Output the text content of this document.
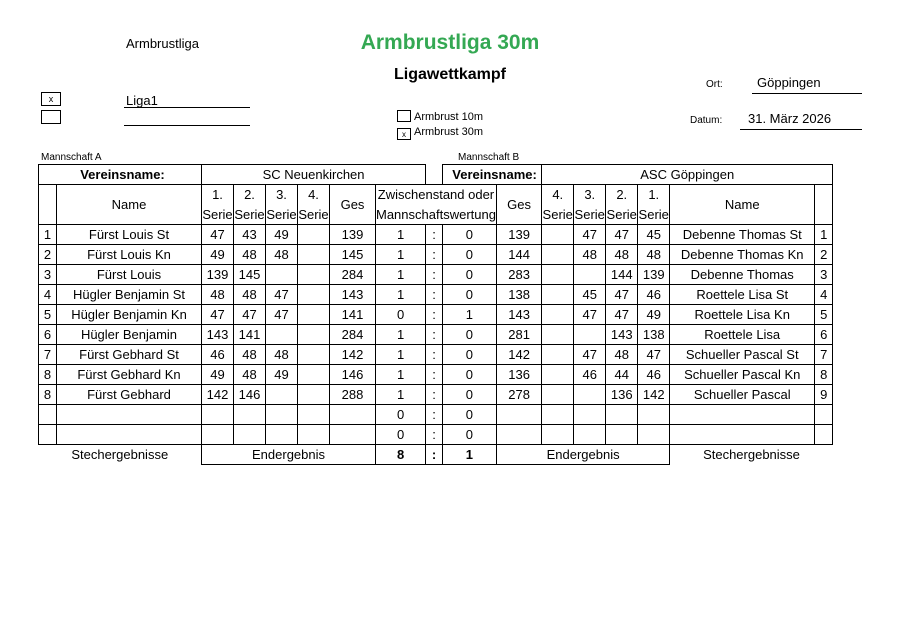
Armbrustliga	Armbrustliga 30m
Ligawettkampf
x	Liga1
Armbrust 10m
x Armbrust 30m
Ort:	Göppingen
Datum: 31. März 2026
Mannschaft A	Mannschaft B
Vereinsname:		SC Neuenkirchen							Vereinsname:		ASC Göppingen					
	Name	1.	2.	3.	4.	Ges	Zwischenstand oder			Ges	4.	3.	2.	1.	Name	
		Serie	Serie	Serie	Serie		Mannschaftswertung				Serie	Serie	Serie	Serie		
1	Fürst Louis St	47	43	49		139	1	:	0	139		47	47	45	Debenne Thomas St	1
2	Fürst Louis Kn	49	48	48		145	1	:	0	144		48	48	48	Debenne Thomas Kn	2
3	Fürst Louis	139	145			284	1	:	0	283			144	139	Debenne Thomas	3
4	Hügler Benjamin St	48	48	47		143	1	:	0	138		45	47	46	Roettele Lisa St	4
5	Hügler Benjamin Kn	47	47	47		141	0	:	1	143		47	47	49	Roettele Lisa Kn	5
6	Hügler Benjamin	143	141			284	1	:	0	281			143	138	Roettele Lisa	6
7	Fürst Gebhard St	46	48	48		142	1	:	0	142		47	48	47	Schueller Pascal St	7
8	Fürst Gebhard Kn	49	48	49		146	1	:	0	136		46	44	46	Schueller Pascal Kn	8
8	Fürst Gebhard	142	146			288	1	:	0	278			136	142	Schueller Pascal	9
							0	:	0							
							0	:	0							
Stechergebnisse		Endergebnis					8	:	1	Endergebnis					Stechergebnisse	
